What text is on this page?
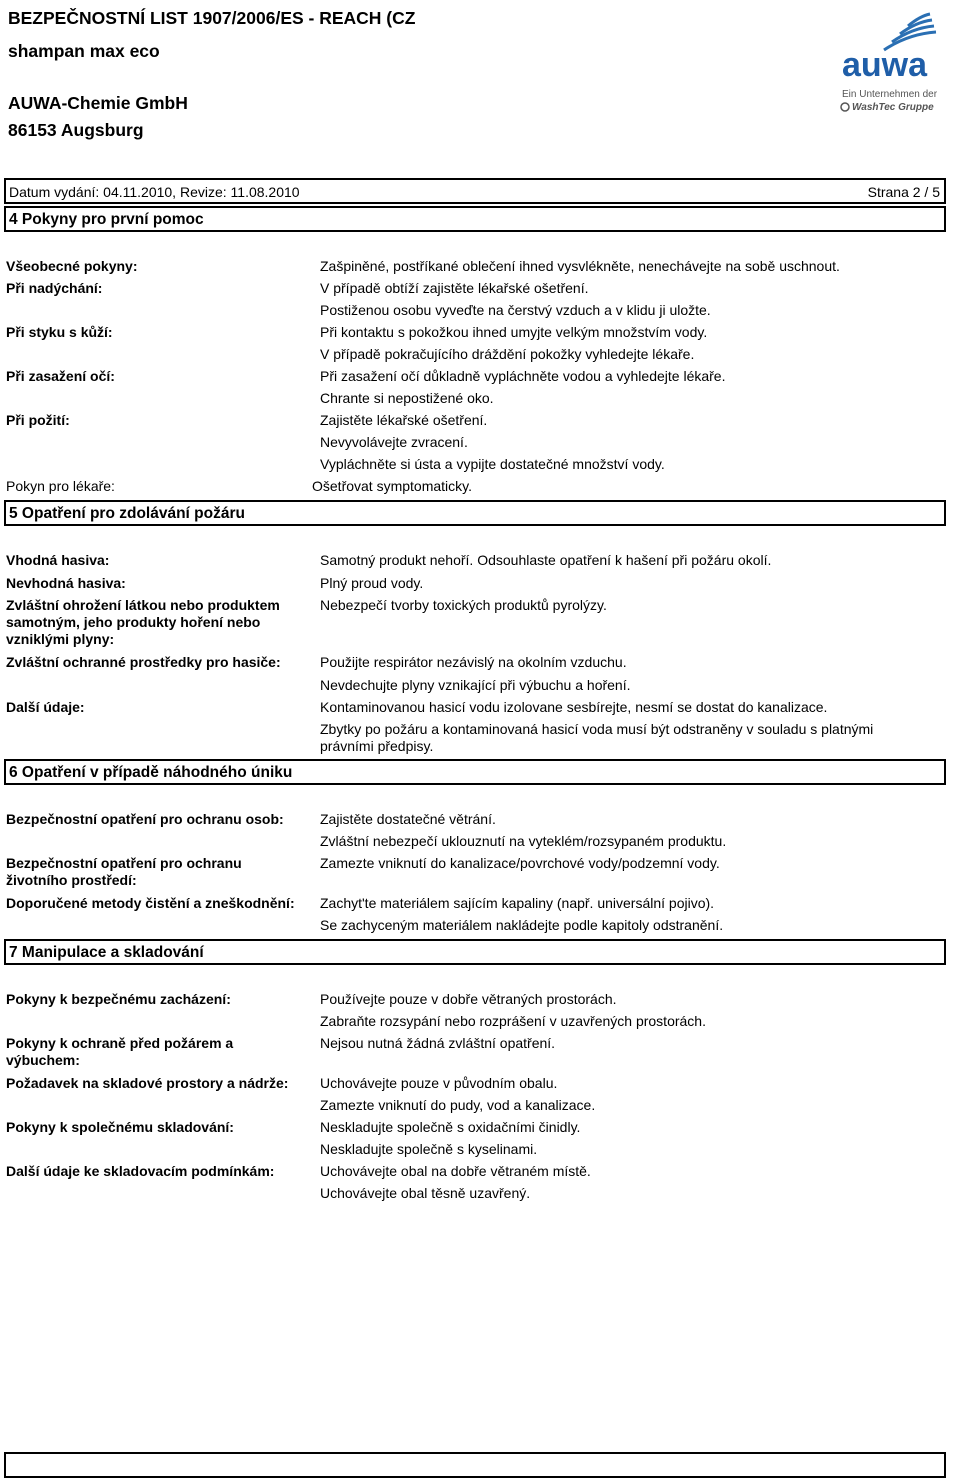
BEZPEČNOSTNÍ LIST 1907/2006/ES - REACH (CZ
shampan max eco
AUWA-Chemie GmbH
86153 Augsburg
auwa
Ein Unternehmen der
WashTec Gruppe
Datum vydání: 04.11.2010, Revize: 11.08.2010	Strana 2 / 5
4 Pokyny pro první pomoc
Všeobecné pokyny:	Zašpiněné, postříkané oblečení ihned vysvlékněte, nenechávejte na sobě uschnout.
Při nadýchání:	V případě obtíží zajistěte lékařské ošetření.
Postiženou osobu vyveďte na čerstvý vzduch a v klidu ji uložte.
Při styku s kůží:	Při kontaktu s pokožkou ihned umyjte velkým množstvím vody.
V případě pokračujícího dráždění pokožky vyhledejte lékaře.
Při zasažení očí:	Při zasažení očí důkladně vypláchněte vodou a vyhledejte lékaře.
Chrante si nepostižené oko.
Při požití:	Zajistěte lékařské ošetření.
Nevyvolávejte zvracení.
Vypláchněte si ústa a vypijte dostatečné množství vody.
Pokyn pro lékaře:	Ošetřovat symptomaticky.
5 Opatření pro zdolávání požáru
Vhodná hasiva:	Samotný produkt nehoří. Odsouhlaste opatření k hašení při požáru okolí.
Nevhodná hasiva:	Plný proud vody.
Zvláštní ohrožení látkou nebo produktem samotným, jeho produkty hoření nebo vzniklými plyny:
Nebezpečí tvorby toxických produktů pyrolýzy.
Zvláštní ochranné prostředky pro hasiče:	Použijte respirátor nezávislý na okolním vzduchu.
Nevdechujte plyny vznikající při výbuchu a hoření.
Další údaje:	Kontaminovanou hasicí vodu izolovane sesbírejte, nesmí se dostat do kanalizace.
Zbytky po požáru a kontaminovaná hasicí voda musí být odstraněny v souladu s platnými právními předpisy.
6 Opatření v případě náhodného úniku
Bezpečnostní opatření pro ochranu osob:	Zajistěte dostatečné větrání.
Zvláštní nebezpečí uklouznutí na vyteklém/rozsypaném produktu.
Bezpečnostní opatření pro ochranu životního prostředí:
Zamezte vniknutí do kanalizace/povrchové vody/podzemní vody.
Doporučené metody čistění a zneškodnění: Zachyt'te materiálem sajícím kapaliny (např. universální pojivo).
Se zachyceným materiálem nakládejte podle kapitoly odstranění.
7 Manipulace a skladování
Pokyny k bezpečnému zacházení:	Používejte pouze v dobře větraných prostorách.
Zabraňte rozsypání nebo rozprášení v uzavřených prostorách.
Pokyny k ochraně před požárem a výbuchem:
Nejsou nutná žádná zvláštní opatření.
Požadavek na skladové prostory a nádrže: Uchovávejte pouze v původním obalu.
Zamezte vniknutí do pudy, vod a kanalizace.
Pokyny k společnému skladování:	Neskladujte společně s oxidačními činidly.
Neskladujte společně s kyselinami.
Další údaje ke skladovacím podmínkám:	Uchovávejte obal na dobře větraném místě.
Uchovávejte obal těsně uzavřený.
